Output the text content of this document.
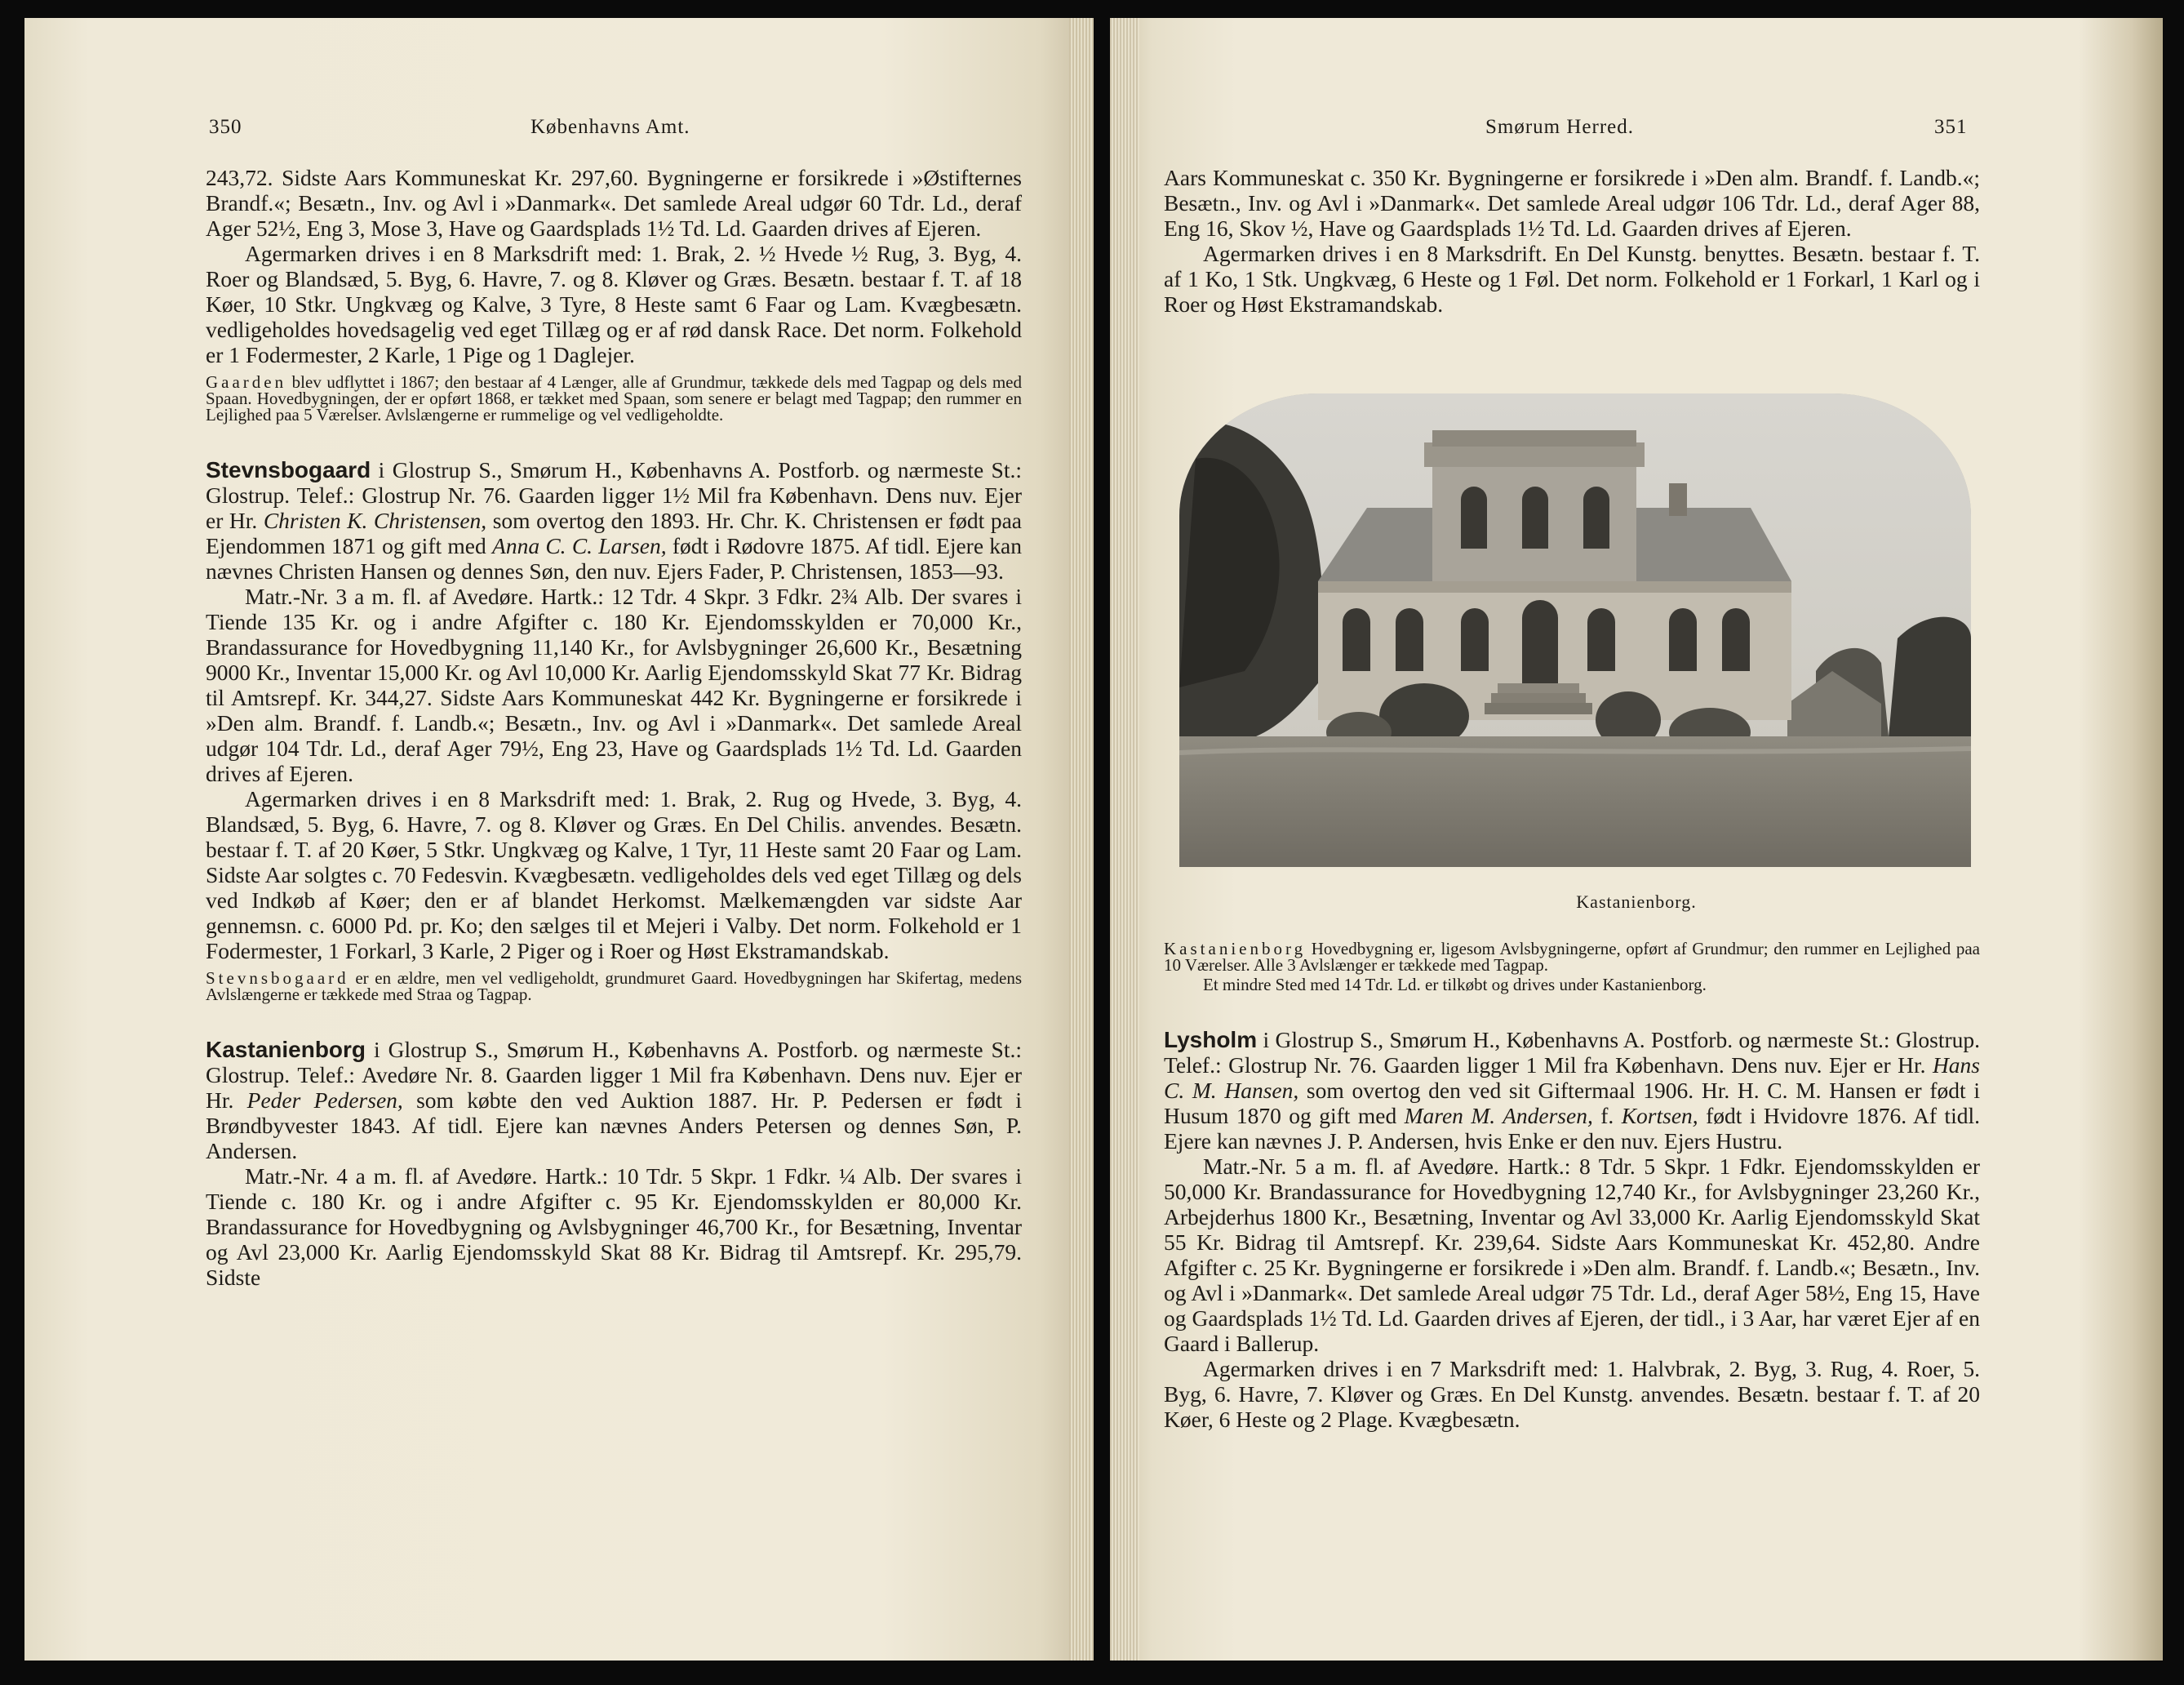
350	Københavns Amt.

243,72. Sidste Aars Kommuneskat Kr. 297,60. Bygningerne er forsikrede i »Østifternes Brandf.«; Besætn., Inv. og Avl i »Danmark«. Det samlede Areal udgør 60 Tdr. Ld., deraf Ager 52½, Eng 3, Mose 3, Have og Gaardsplads 1½ Td. Ld. Gaarden drives af Ejeren.

Agermarken drives i en 8 Marksdrift med: 1. Brak, 2. ½ Hvede ½ Rug, 3. Byg, 4. Roer og Blandsæd, 5. Byg, 6. Havre, 7. og 8. Kløver og Græs. Besætn. bestaar f. T. af 18 Køer, 10 Stkr. Ungkvæg og Kalve, 3 Tyre, 8 Heste samt 6 Faar og Lam. Kvægbesætn. vedligeholdes hovedsagelig ved eget Tillæg og er af rød dansk Race. Det norm. Folkehold er 1 Fodermester, 2 Karle, 1 Pige og 1 Daglejer.

Gaarden blev udflyttet i 1867; den bestaar af 4 Længer, alle af Grundmur, tækkede dels med Tagpap og dels med Spaan. Hovedbygningen, der er opført 1868, er tækket med Spaan, som senere er belagt med Tagpap; den rummer en Lejlighed paa 5 Værelser. Avlslængerne er rummelige og vel vedligeholdte.

Stevnsbogaard i Glostrup S., Smørum H., Københavns A. Postforb. og nærmeste St.: Glostrup. Telef.: Glostrup Nr. 76. Gaarden ligger 1½ Mil fra København. Dens nuv. Ejer er Hr. Christen K. Christensen, som overtog den 1893. Hr. Chr. K. Christensen er født paa Ejendommen 1871 og gift med Anna C. C. Larsen, født i Rødovre 1875. Af tidl. Ejere kan nævnes Christen Hansen og dennes Søn, den nuv. Ejers Fader, P. Christensen, 1853—93.

Matr.-Nr. 3 a m. fl. af Avedøre. Hartk.: 12 Tdr. 4 Skpr. 3 Fdkr. 2¾ Alb. Der svares i Tiende 135 Kr. og i andre Afgifter c. 180 Kr. Ejendomsskylden er 70,000 Kr., Brandassurance for Hovedbygning 11,140 Kr., for Avlsbygninger 26,600 Kr., Besætning 9000 Kr., Inventar 15,000 Kr. og Avl 10,000 Kr. Aarlig Ejendomsskyld Skat 77 Kr. Bidrag til Amtsrepf. Kr. 344,27. Sidste Aars Kommuneskat 442 Kr. Bygningerne er forsikrede i »Den alm. Brandf. f. Landb.«; Besætn., Inv. og Avl i »Danmark«. Det samlede Areal udgør 104 Tdr. Ld., deraf Ager 79½, Eng 23, Have og Gaardsplads 1½ Td. Ld. Gaarden drives af Ejeren.

Agermarken drives i en 8 Marksdrift med: 1. Brak, 2. Rug og Hvede, 3. Byg, 4. Blandsæd, 5. Byg, 6. Havre, 7. og 8. Kløver og Græs. En Del Chilis. anvendes. Besætn. bestaar f. T. af 20 Køer, 5 Stkr. Ungkvæg og Kalve, 1 Tyr, 11 Heste samt 20 Faar og Lam. Sidste Aar solgtes c. 70 Fedesvin. Kvægbesætn. vedligeholdes dels ved eget Tillæg og dels ved Indkøb af Køer; den er af blandet Herkomst. Mælkemængden var sidste Aar gennemsn. c. 6000 Pd. pr. Ko; den sælges til et Mejeri i Valby. Det norm. Folkehold er 1 Fodermester, 1 Forkarl, 3 Karle, 2 Piger og i Roer og Høst Ekstramandskab.

Stevnsbogaard er en ældre, men vel vedligeholdt, grundmuret Gaard. Hovedbygningen har Skifertag, medens Avlslængerne er tækkede med Straa og Tagpap.

Kastanienborg i Glostrup S., Smørum H., Københavns A. Postforb. og nærmeste St.: Glostrup. Telef.: Avedøre Nr. 8. Gaarden ligger 1 Mil fra København. Dens nuv. Ejer er Hr. Peder Pedersen, som købte den ved Auktion 1887. Hr. P. Pedersen er født i Brøndbyvester 1843. Af tidl. Ejere kan nævnes Anders Petersen og dennes Søn, P. Andersen.

Matr.-Nr. 4 a m. fl. af Avedøre. Hartk.: 10 Tdr. 5 Skpr. 1 Fdkr. ¼ Alb. Der svares i Tiende c. 180 Kr. og i andre Afgifter c. 95 Kr. Ejendomsskylden er 80,000 Kr. Brandassurance for Hovedbygning og Avlsbygninger 46,700 Kr., for Besætning, Inventar og Avl 23,000 Kr. Aarlig Ejendomsskyld Skat 88 Kr. Bidrag til Amtsrepf. Kr. 295,79. Sidste

Smørum Herred.	351

Aars Kommuneskat c. 350 Kr. Bygningerne er forsikrede i »Den alm. Brandf. f. Landb.«; Besætn., Inv. og Avl i »Danmark«. Det samlede Areal udgør 106 Tdr. Ld., deraf Ager 88, Eng 16, Skov ½, Have og Gaardsplads 1½ Td. Ld. Gaarden drives af Ejeren.

Agermarken drives i en 8 Marksdrift. En Del Kunstg. benyttes. Besætn. bestaar f. T. af 1 Ko, 1 Stk. Ungkvæg, 6 Heste og 1 Føl. Det norm. Folkehold er 1 Forkarl, 1 Karl og i Roer og Høst Ekstramandskab.

Kastanienborg.

Kastanienborg Hovedbygning er, ligesom Avlsbygningerne, opført af Grundmur; den rummer en Lejlighed paa 10 Værelser. Alle 3 Avlslænger er tækkede med Tagpap.

Et mindre Sted med 14 Tdr. Ld. er tilkøbt og drives under Kastanienborg.

Lysholm i Glostrup S., Smørum H., Københavns A. Postforb. og nærmeste St.: Glostrup. Telef.: Glostrup Nr. 76. Gaarden ligger 1 Mil fra København. Dens nuv. Ejer er Hr. Hans C. M. Hansen, som overtog den ved sit Giftermaal 1906. Hr. H. C. M. Hansen er født i Husum 1870 og gift med Maren M. Andersen, f. Kortsen, født i Hvidovre 1876. Af tidl. Ejere kan nævnes J. P. Andersen, hvis Enke er den nuv. Ejers Hustru.

Matr.-Nr. 5 a m. fl. af Avedøre. Hartk.: 8 Tdr. 5 Skpr. 1 Fdkr. Ejendomsskylden er 50,000 Kr. Brandassurance for Hovedbygning 12,740 Kr., for Avlsbygninger 23,260 Kr., Arbejderhus 1800 Kr., Besætning, Inventar og Avl 33,000 Kr. Aarlig Ejendomsskyld Skat 55 Kr. Bidrag til Amtsrepf. Kr. 239,64. Sidste Aars Kommuneskat Kr. 452,80. Andre Afgifter c. 25 Kr. Bygningerne er forsikrede i »Den alm. Brandf. f. Landb.«; Besætn., Inv. og Avl i »Danmark«. Det samlede Areal udgør 75 Tdr. Ld., deraf Ager 58½, Eng 15, Have og Gaardsplads 1½ Td. Ld. Gaarden drives af Ejeren, der tidl., i 3 Aar, har været Ejer af en Gaard i Ballerup.

Agermarken drives i en 7 Marksdrift med: 1. Halvbrak, 2. Byg, 3. Rug, 4. Roer, 5. Byg, 6. Havre, 7. Kløver og Græs. En Del Kunstg. anvendes. Besætn. bestaar f. T. af 20 Køer, 6 Heste og 2 Plage. Kvægbesætn.
